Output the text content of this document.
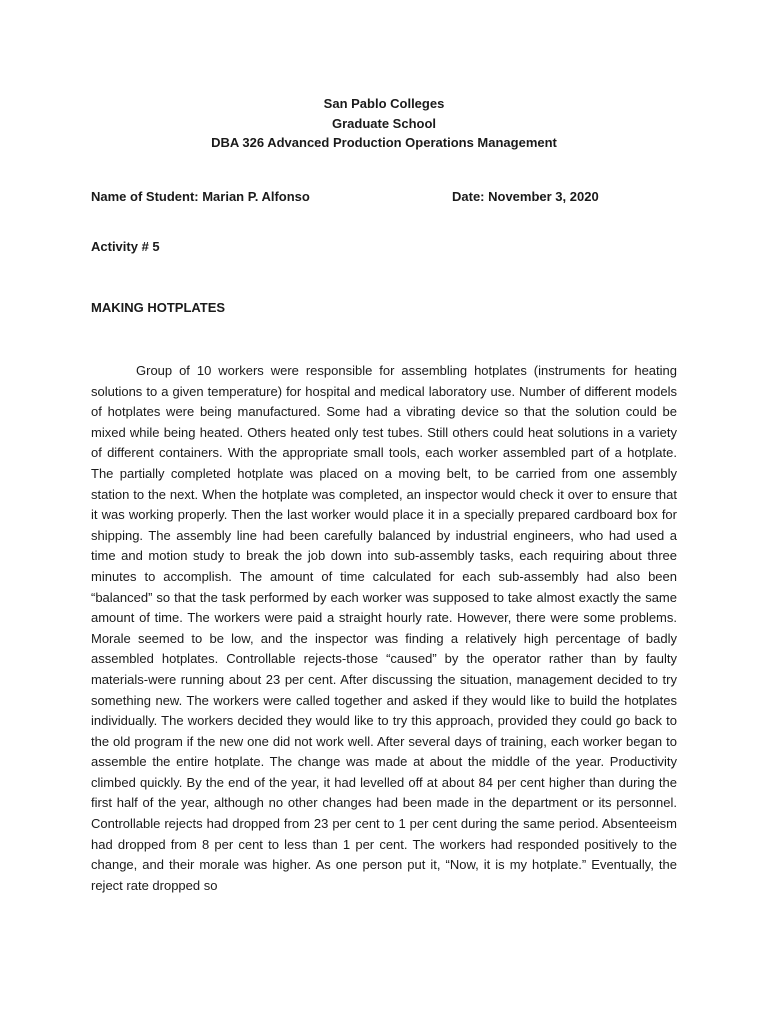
San Pablo Colleges
Graduate School
DBA 326 Advanced Production Operations Management
Name of Student: Marian P. Alfonso	Date: November 3, 2020
Activity # 5
MAKING HOTPLATES

Group of 10 workers were responsible for assembling hotplates (instruments for heating solutions to a given temperature) for hospital and medical laboratory use. Number of different models of hotplates were being manufactured. Some had a vibrating device so that the solution could be mixed while being heated. Others heated only test tubes. Still others could heat solutions in a variety of different containers. With the appropriate small tools, each worker assembled part of a hotplate. The partially completed hotplate was placed on a moving belt, to be carried from one assembly station to the next. When the hotplate was completed, an inspector would check it over to ensure that it was working properly. Then the last worker would place it in a specially prepared cardboard box for shipping. The assembly line had been carefully balanced by industrial engineers, who had used a time and motion study to break the job down into sub-assembly tasks, each requiring about three minutes to accomplish. The amount of time calculated for each sub-assembly had also been “balanced” so that the task performed by each worker was supposed to take almost exactly the same amount of time. The workers were paid a straight hourly rate. However, there were some problems. Morale seemed to be low, and the inspector was finding a relatively high percentage of badly assembled hotplates. Controllable rejects-those “caused” by the operator rather than by faulty materials-were running about 23 per cent. After discussing the situation, management decided to try something new. The workers were called together and asked if they would like to build the hotplates individually. The workers decided they would like to try this approach, provided they could go back to the old program if the new one did not work well. After several days of training, each worker began to assemble the entire hotplate. The change was made at about the middle of the year. Productivity climbed quickly. By the end of the year, it had levelled off at about 84 per cent higher than during the first half of the year, although no other changes had been made in the department or its personnel. Controllable rejects had dropped from 23 per cent to 1 per cent during the same period. Absenteeism had dropped from 8 per cent to less than 1 per cent. The workers had responded positively to the change, and their morale was higher. As one person put it, “Now, it is my hotplate.” Eventually, the reject rate dropped so
